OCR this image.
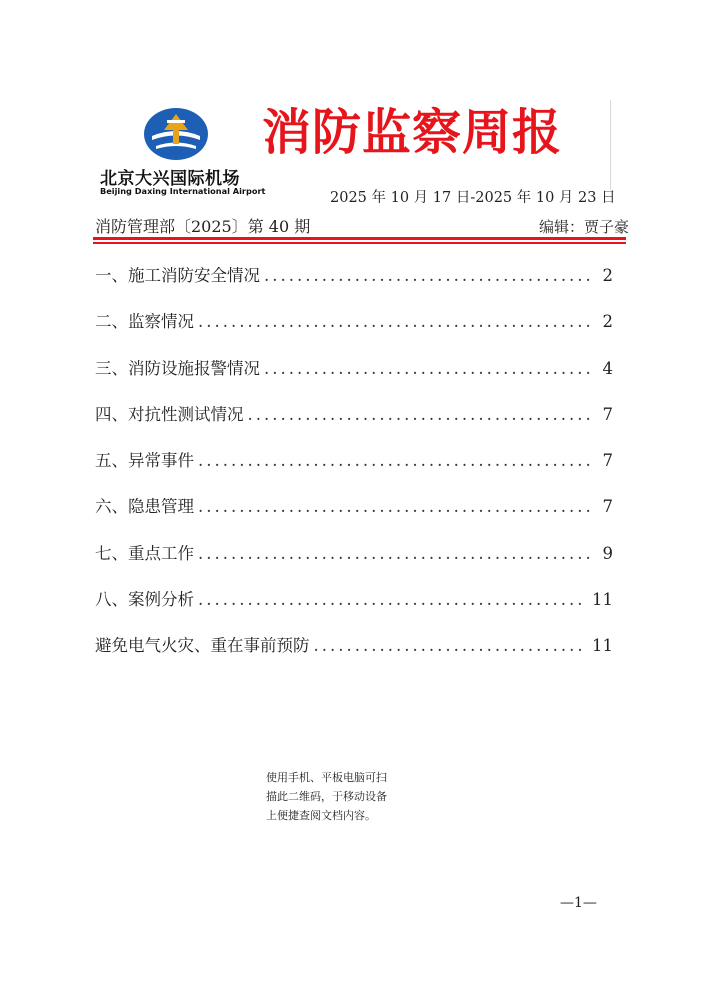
北京大兴国际机场
Beijing Daxing International Airport
消防监察周报
2025 年 10 月 17 日-2025 年 10 月 23 日
消防管理部〔2025〕第 40 期	编辑：贾子豪
一、施工消防安全情况 .....	2
二、监察情况 .....	2
三、消防设施报警情况 .....	4
四、对抗性测试情况 .....	7
五、异常事件 .....	7
六、隐患管理 .....	7
七、重点工作 .....	9
八、案例分析 .....	11
避免电气火灾、重在事前预防 .....	11
使用手机、平板电脑可扫
描此二维码，于移动设备
上便捷查阅文档内容。
—1—
